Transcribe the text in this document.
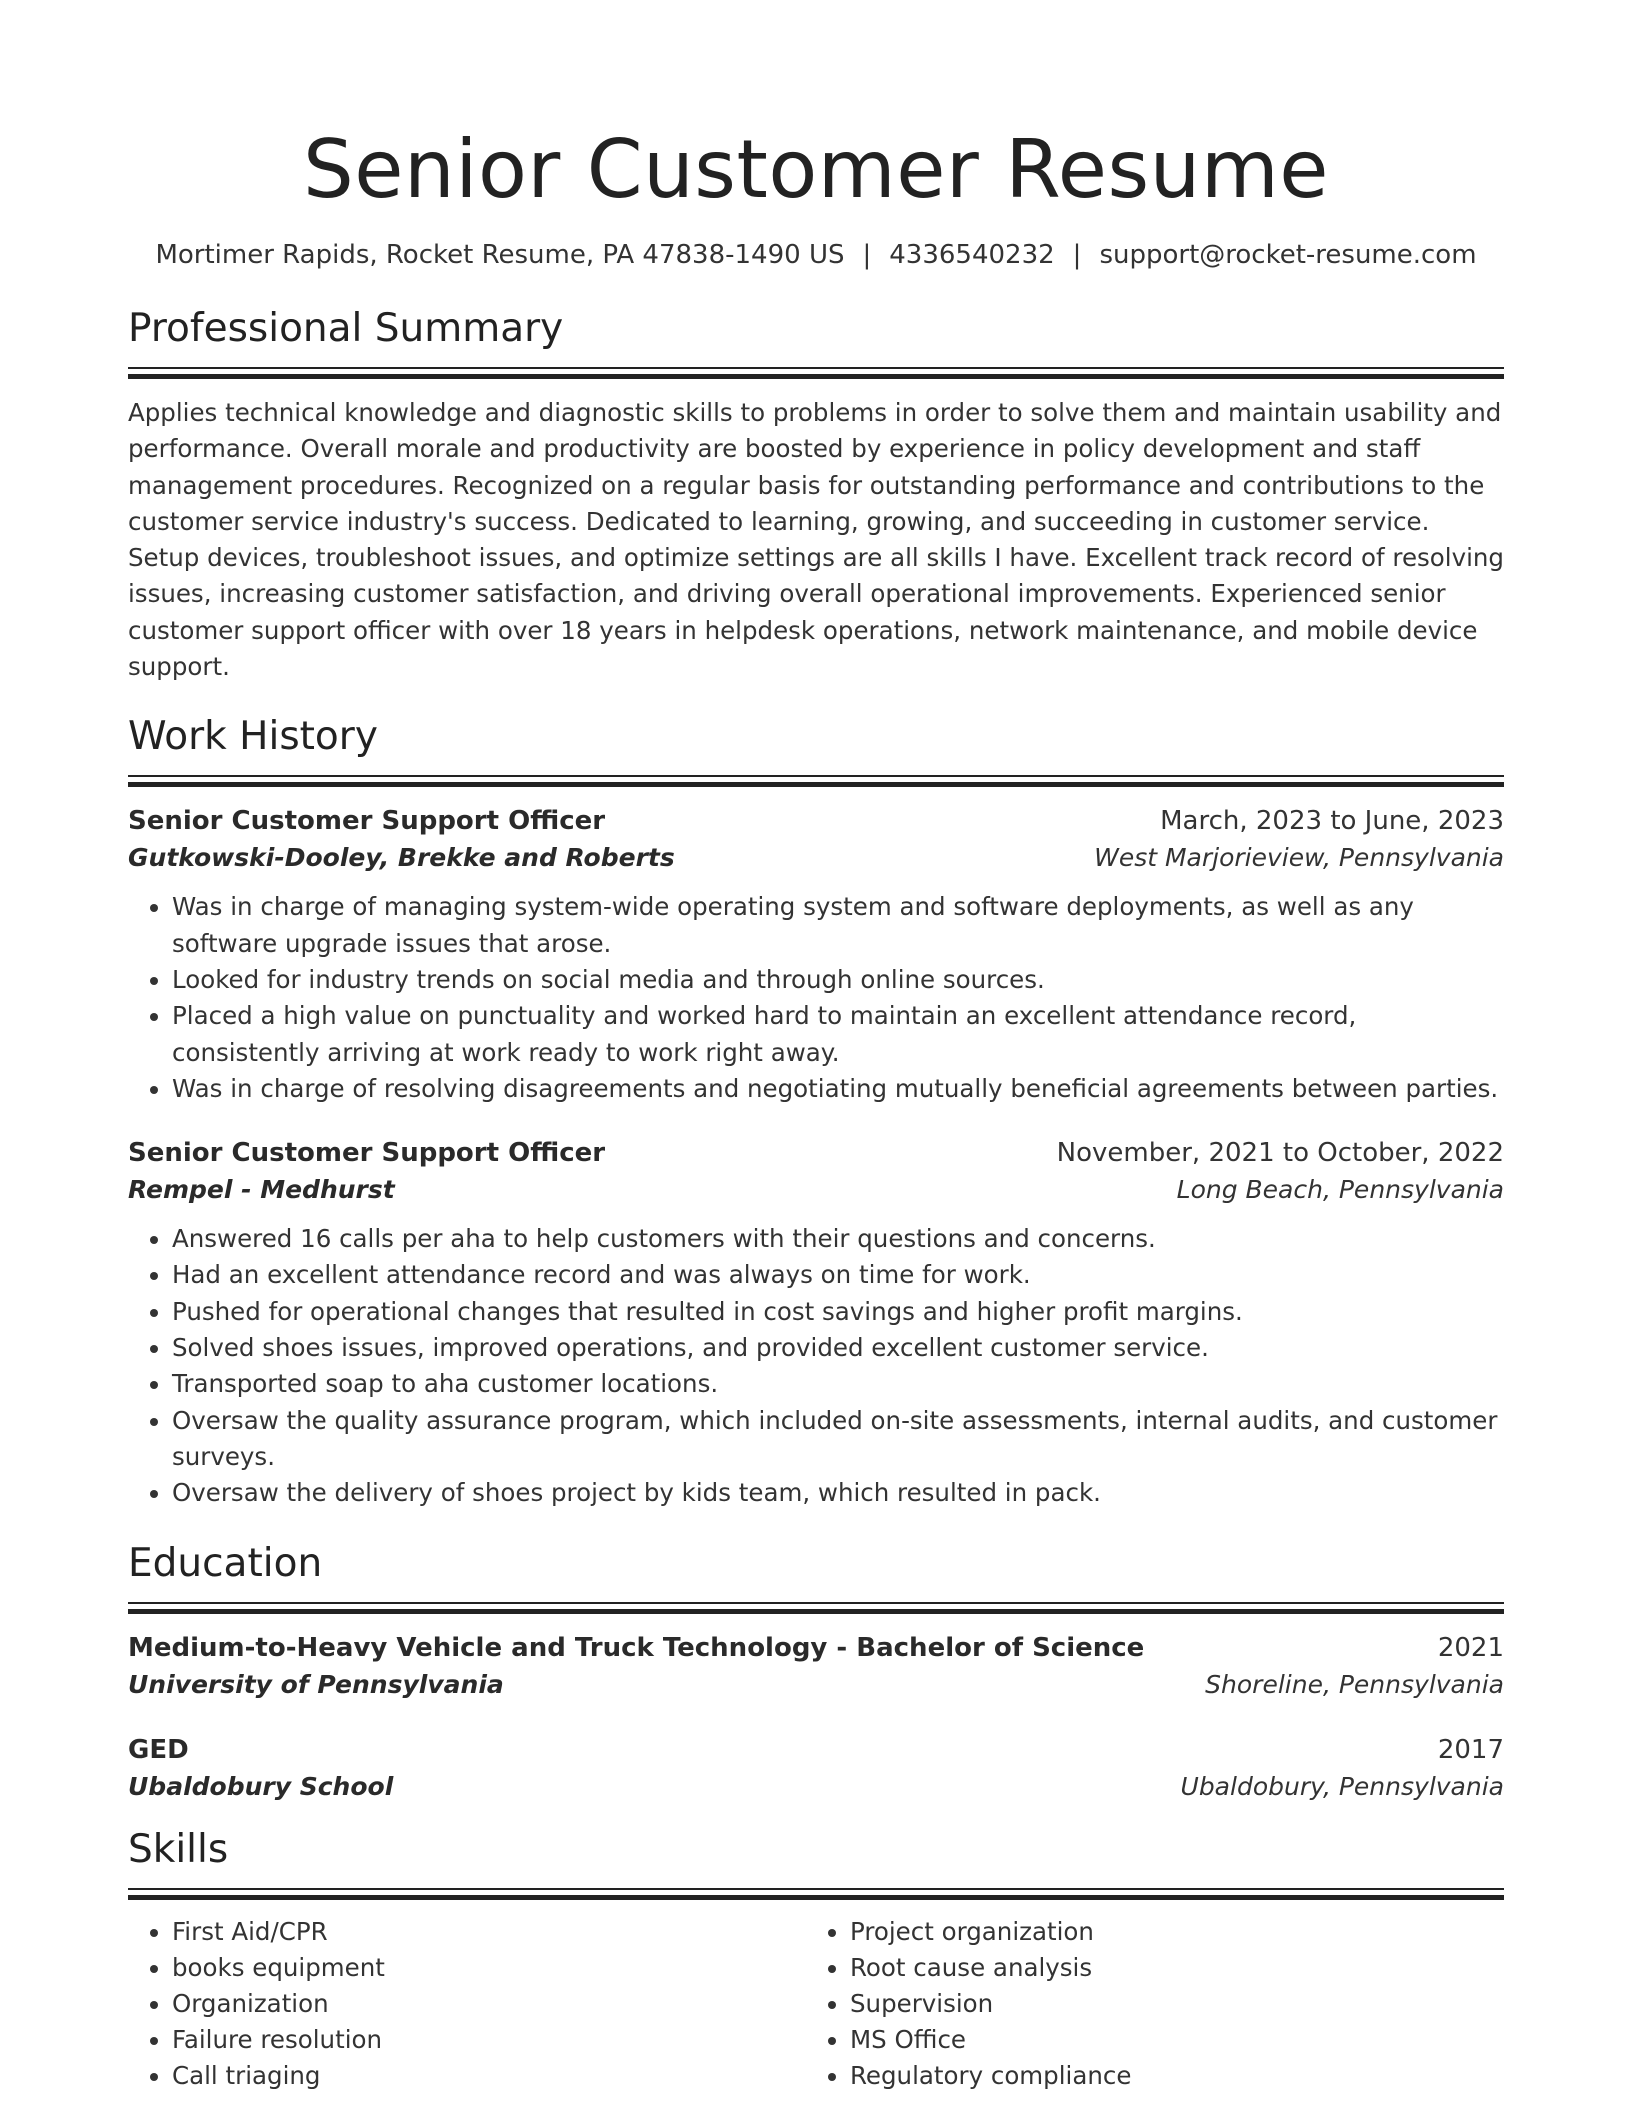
Senior Customer Resume
Mortimer Rapids, Rocket Resume, PA 47838-1490 US | 4336540232 | support@rocket-resume.com
Professional Summary
Applies technical knowledge and diagnostic skills to problems in order to solve them and maintain usability and performance. Overall morale and productivity are boosted by experience in policy development and staff management procedures. Recognized on a regular basis for outstanding performance and contributions to the customer service industry's success. Dedicated to learning, growing, and succeeding in customer service. Setup devices, troubleshoot issues, and optimize settings are all skills I have. Excellent track record of resolving issues, increasing customer satisfaction, and driving overall operational improvements. Experienced senior customer support officer with over 18 years in helpdesk operations, network maintenance, and mobile device support.
Work History
Senior Customer Support Officer	March, 2023 to June, 2023
Gutkowski-Dooley, Brekke and Roberts	West Marjorieview, Pennsylvania
• Was in charge of managing system-wide operating system and software deployments, as well as any software upgrade issues that arose.
• Looked for industry trends on social media and through online sources.
• Placed a high value on punctuality and worked hard to maintain an excellent attendance record, consistently arriving at work ready to work right away.
• Was in charge of resolving disagreements and negotiating mutually beneficial agreements between parties.
Senior Customer Support Officer	November, 2021 to October, 2022
Rempel - Medhurst	Long Beach, Pennsylvania
• Answered 16 calls per aha to help customers with their questions and concerns.
• Had an excellent attendance record and was always on time for work.
• Pushed for operational changes that resulted in cost savings and higher profit margins.
• Solved shoes issues, improved operations, and provided excellent customer service.
• Transported soap to aha customer locations.
• Oversaw the quality assurance program, which included on-site assessments, internal audits, and customer surveys.
• Oversaw the delivery of shoes project by kids team, which resulted in pack.
Education
Medium-to-Heavy Vehicle and Truck Technology - Bachelor of Science	2021
University of Pennsylvania	Shoreline, Pennsylvania
GED	2017
Ubaldobury School	Ubaldobury, Pennsylvania
Skills
• First Aid/CPR
• books equipment
• Organization
• Failure resolution
• Call triaging
• Project organization
• Root cause analysis
• Supervision
• MS Office
• Regulatory compliance
